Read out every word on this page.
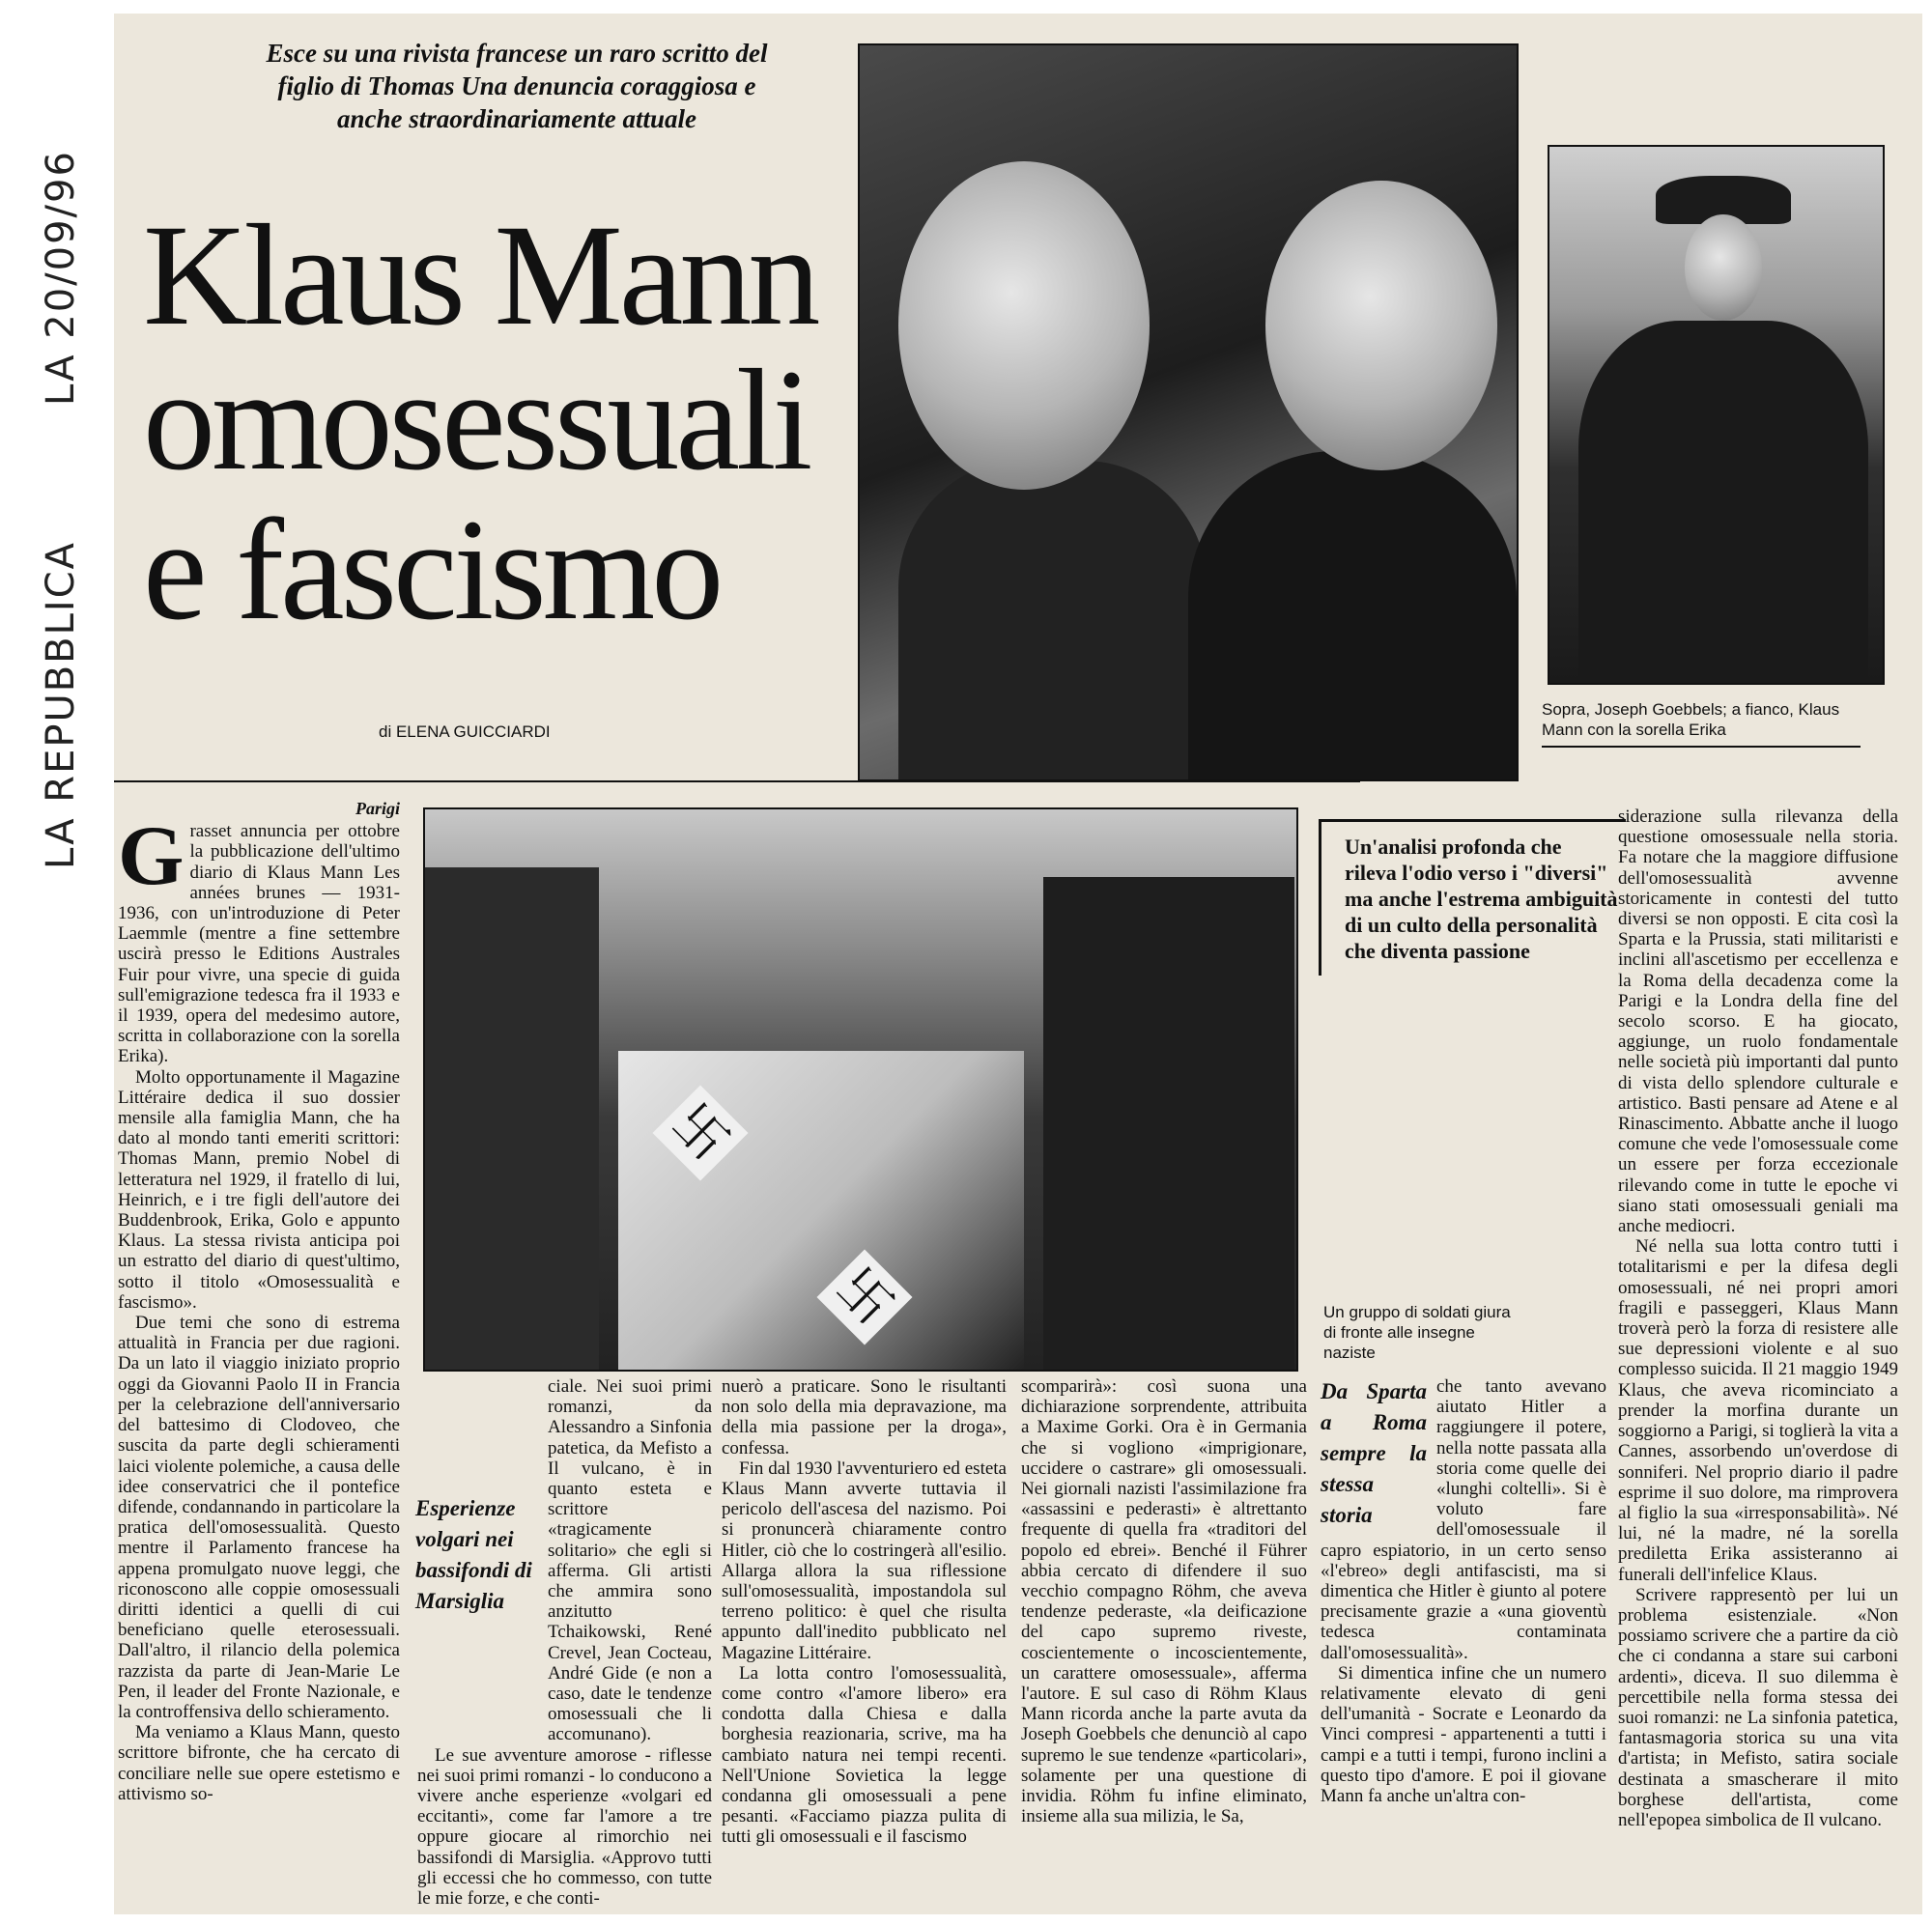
LA REPUBBLICA
LA 20/09/96
Esce su una rivista francese un raro scritto del figlio di Thomas Una denuncia coraggiosa e anche straordinariamente attuale
Klaus Mann
omosessuali
e fascismo
di ELENA GUICCIARDI
Sopra, Joseph Goebbels; a fianco, Klaus Mann con la sorella Erika
卐
卐
Un'analisi profonda che rileva l'odio verso i "diversi" ma anche l'estrema ambiguità di un culto della personalità che diventa passione
Un gruppo di soldati giura di fronte alle insegne naziste
Parigi

Grasset annuncia per ottobre la pubblicazione dell'ultimo diario di Klaus Mann Les années brunes — 1931-1936, con un'introduzione di Peter Laemmle (mentre a fine settembre uscirà presso le Editions Australes Fuir pour vivre, una specie di guida sull'emigrazione tedesca fra il 1933 e il 1939, opera del medesimo autore, scritta in collaborazione con la sorella Erika).

Molto opportunamente il Magazine Littéraire dedica il suo dossier mensile alla famiglia Mann, che ha dato al mondo tanti emeriti scrittori: Thomas Mann, premio Nobel di letteratura nel 1929, il fratello di lui, Heinrich, e i tre figli dell'autore dei Buddenbrook, Erika, Golo e appunto Klaus. La stessa rivista anticipa poi un estratto del diario di quest'ultimo, sotto il titolo «Omosessualità e fascismo».

Due temi che sono di estrema attualità in Francia per due ragioni. Da un lato il viaggio iniziato proprio oggi da Giovanni Paolo II in Francia per la celebrazione dell'anniversario del battesimo di Clodoveo, che suscita da parte degli schieramenti laici violente polemiche, a causa delle idee conservatrici che il pontefice difende, condannando in particolare la pratica dell'omosessualità. Questo mentre il Parlamento francese ha appena promulgato nuove leggi, che riconoscono alle coppie omosessuali diritti identici a quelli di cui beneficiano quelle eterosessuali. Dall'altro, il rilancio della polemica razzista da parte di Jean-Marie Le Pen, il leader del Fronte Nazionale, e la controffensiva dello schieramento.

Ma veniamo a Klaus Mann, questo scrittore bifronte, che ha cercato di conciliare nelle sue opere estetismo e attivismo so-

ciale. Nei suoi primi romanzi, da Alessandro a Sinfonia patetica, da Mefisto a Il vulcano, è in quanto esteta e scrittore «tragicamente solitario» che egli si afferma. Gli artisti che ammira sono anzitutto Tchaikowski, René Crevel, Jean Cocteau, André Gide (e non a caso, date le tendenze omosessuali che li accomunano).

Le sue avventure amorose - riflesse nei suoi primi romanzi - lo conducono a vivere anche esperienze «volgari ed eccitanti», come far l'amore a tre oppure giocare al rimorchio nei bassifondi di Marsiglia. «Approvo tutti gli eccessi che ho commesso, con tutte le mie forze, e che conti-

Esperienze volgari nei bassifondi di Marsiglia

nuerò a praticare. Sono le risultanti non solo della mia depravazione, ma della mia passione per la droga», confessa.

Fin dal 1930 l'avventuriero ed esteta Klaus Mann avverte tuttavia il pericolo dell'ascesa del nazismo. Poi si pronuncerà chiaramente contro Hitler, ciò che lo costringerà all'esilio. Allarga allora la sua riflessione sull'omosessualità, impostandola sul terreno politico: è quel che risulta appunto dall'inedito pubblicato nel Magazine Littéraire.

La lotta contro l'omosessualità, come contro «l'amore libero» era condotta dalla Chiesa e dalla borghesia reazionaria, scrive, ma ha cambiato natura nei tempi recenti. Nell'Unione Sovietica la legge condanna gli omosessuali a pene pesanti. «Facciamo piazza pulita di tutti gli omosessuali e il fascismo

scomparirà»: così suona una dichiarazione sorprendente, attribuita a Maxime Gorki. Ora è in Germania che si vogliono «imprigionare, uccidere o castrare» gli omosessuali. Nei giornali nazisti l'assimilazione fra «assassini e pederasti» è altrettanto frequente di quella fra «traditori del popolo ed ebrei». Benché il Führer abbia cercato di difendere il suo vecchio compagno Röhm, che aveva tendenze pederaste, «la deificazione del capo supremo riveste, coscientemente o incoscientemente, un carattere omosessuale», afferma l'autore. E sul caso di Röhm Klaus Mann ricorda anche la parte avuta da Joseph Goebbels che denunciò al capo supremo le sue tendenze «particolari», solamente per una questione di invidia. Röhm fu infine eliminato, insieme alla sua milizia, le Sa,

Da Sparta a Roma sempre la stessa storia

che tanto avevano aiutato Hitler a raggiungere il potere, nella notte passata alla storia come quelle dei «lunghi coltelli». Si è voluto fare dell'omosessuale il capro espiatorio, in un certo senso «l'ebreo» degli antifascisti, ma si dimentica che Hitler è giunto al potere precisamente grazie a «una gioventù tedesca contaminata dall'omosessualità».

Si dimentica infine che un numero relativamente elevato di geni dell'umanità - Socrate e Leonardo da Vinci compresi - appartenenti a tutti i campi e a tutti i tempi, furono inclini a questo tipo d'amore. E poi il giovane Mann fa anche un'altra con-

siderazione sulla rilevanza della questione omosessuale nella storia. Fa notare che la maggiore diffusione dell'omosessualità avvenne storicamente in contesti del tutto diversi se non opposti. E cita così la Sparta e la Prussia, stati militaristi e inclini all'ascetismo per eccellenza e la Roma della decadenza come la Parigi e la Londra della fine del secolo scorso. E ha giocato, aggiunge, un ruolo fondamentale nelle società più importanti dal punto di vista dello splendore culturale e artistico. Basti pensare ad Atene e al Rinascimento. Abbatte anche il luogo comune che vede l'omosessuale come un essere per forza eccezionale rilevando come in tutte le epoche vi siano stati omosessuali geniali ma anche mediocri.

Né nella sua lotta contro tutti i totalitarismi e per la difesa degli omosessuali, né nei propri amori fragili e passeggeri, Klaus Mann troverà però la forza di resistere alle sue depressioni violente e al suo complesso suicida. Il 21 maggio 1949 Klaus, che aveva ricominciato a prender la morfina durante un soggiorno a Parigi, si toglierà la vita a Cannes, assorbendo un'overdose di sonniferi. Nel proprio diario il padre esprime il suo dolore, ma rimprovera al figlio la sua «irresponsabilità». Né lui, né la madre, né la sorella prediletta Erika assisteranno ai funerali dell'infelice Klaus.

Scrivere rappresentò per lui un problema esistenziale. «Non possiamo scrivere che a partire da ciò che ci condanna a stare sui carboni ardenti», diceva. Il suo dilemma è percettibile nella forma stessa dei suoi romanzi: ne La sinfonia patetica, fantasmagoria storica su una vita d'artista; in Mefisto, satira sociale destinata a smascherare il mito borghese dell'artista, come nell'epopea simbolica de Il vulcano.
